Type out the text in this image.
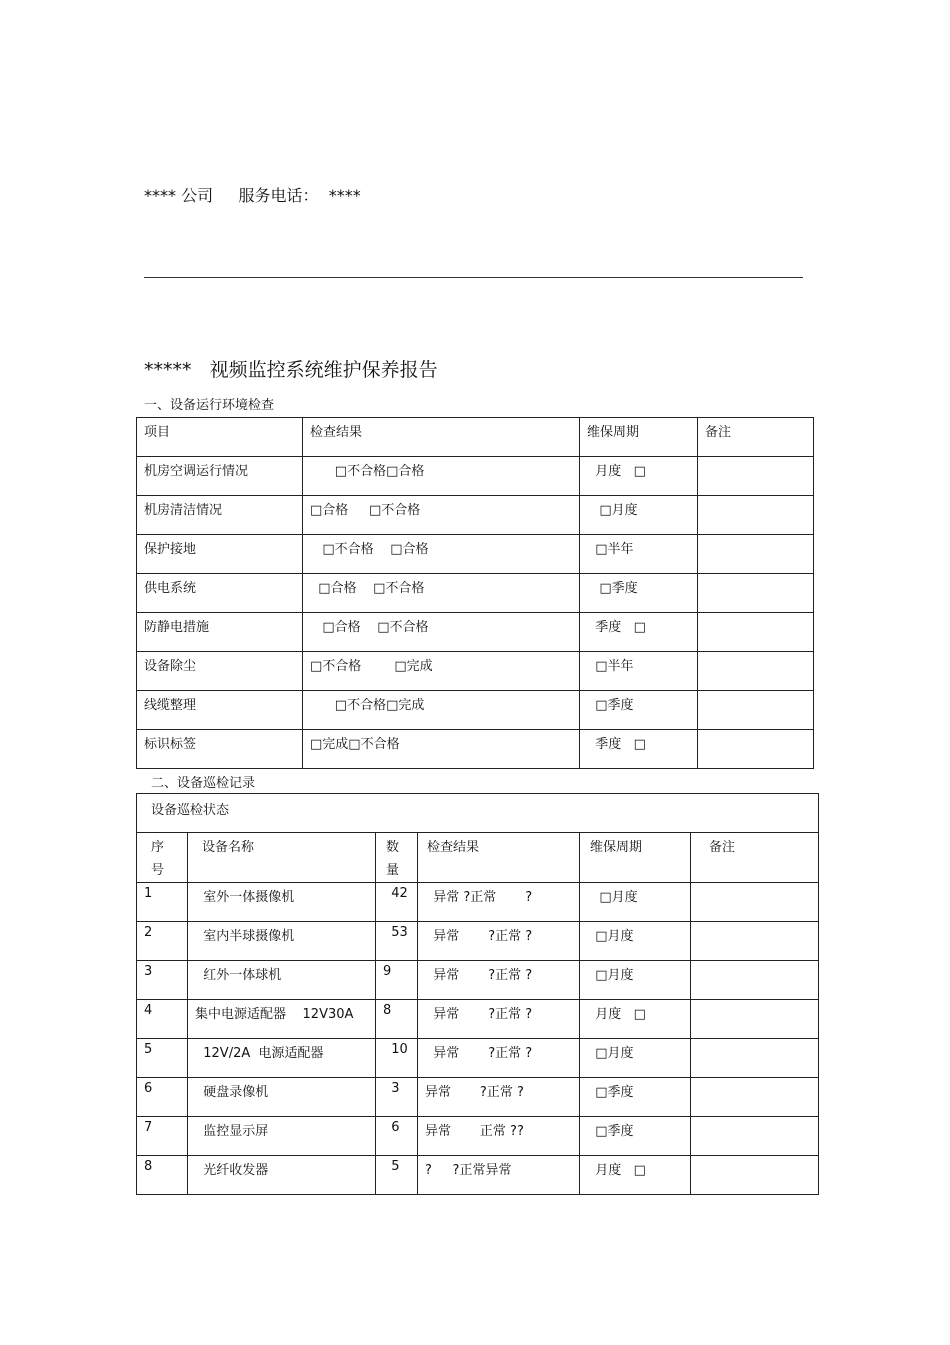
**** 公司     服务电话：  ****
*****   视频监控系统维护保养报告
一、设备运行环境检查
项目	检查结果	维保周期	备注

机房空调运行情况	□不合格□合格	月度   □	

机房清洁情况	□合格     □不合格	□月度	

保护接地	□不合格    □合格	□半年	

供电系统	□合格    □不合格	□季度	

防静电措施	□合格    □不合格	季度   □	

设备除尘	□不合格        □完成	□半年	

线缆整理	□不合格□完成	□季度	

标识标签	□完成□不合格	季度   □	

二、设备巡检记录
设备巡检状态					

序
号	设备名称	数
量	检查结果	维保周期	备注

1	室外一体摄像机	42	异常 ?正常       ?	□月度	

2	室内半球摄像机	53	异常       ?正常 ?	□月度	

3	红外一体球机	9	异常       ?正常 ?	□月度	

4	集中电源适配器    12V30A	8	异常       ?正常 ?	月度   □	

5	12V/2A  电源适配器	10	异常       ?正常 ?	□月度	

6	硬盘录像机	3	异常       ?正常 ?	□季度	

7	监控显示屏	6	异常       正常 ??	□季度	

8	光纤收发器	5	?     ?正常异常	月度   □	
